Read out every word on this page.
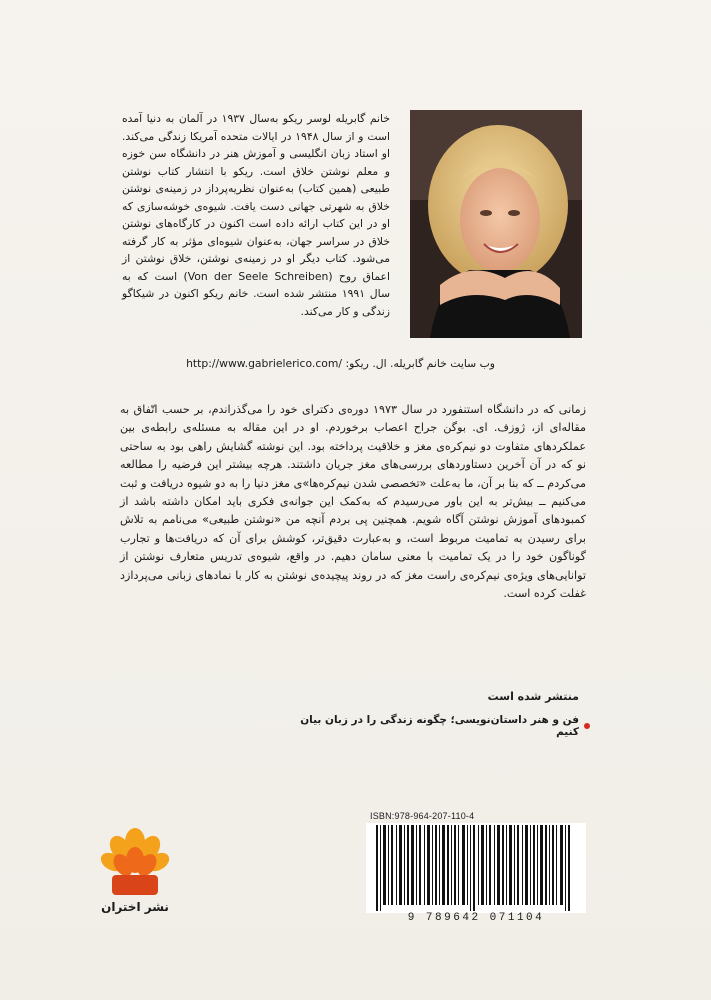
خانم گابریله لوسر ریکو به‌سال ۱۹۳۷ در آلمان به دنیا آمده است و از سال ۱۹۴۸ در ایالات متحده آمریکا زندگی می‌کند. او استاد زبان انگلیسی و آموزش هنر در دانشگاه سن خوزه و معلم نوشتن خلاق است. ریکو با انتشار کتاب نوشتن طبیعی (همین کتاب) به‌عنوان نظریه‌پرداز در زمینه‌ی نوشتن خلاق به شهرتی جهانی دست یافت. شیوه‌ی خوشه‌سازی که او در این کتاب ارائه داده است اکنون در کارگاه‌های نوشتن خلاق در سراسر جهان، به‌عنوان شیوه‌ای مؤثر به کار گرفته می‌شود. کتاب دیگر او در زمینه‌ی نوشتن، خلاق نوشتن از اعماق روح (Von der Seele Schreiben) است که به سال ۱۹۹۱ منتشر شده است. خانم ریکو اکنون در شیکاگو زندگی و کار می‌کند.
وب سایت خانم گابریله. ال. ریکو: http://www.gabrielerico.com/
زمانی که در دانشگاه استنفورد در سال ۱۹۷۳ دوره‌ی دکترای خود را می‌گذراندم، بر حسب اتّفاق به مقاله‌ای از، ژوزف. ای. بوگن جراح اعصاب برخوردم. او در این مقاله به مسئله‌ی رابطه‌ی بین عملکردهای متفاوت دو نیم‌کره‌ی مغز و خلاقیت پرداخته بود. این نوشته گشایش راهی بود به ساحتی نو که در آن آخرین دستاوردهای بررسی‌های مغز جریان داشتند. هرچه بیشتر این فرضیه را مطالعه می‌کردم ــ که بنا بر آن، ما به‌علت «تخصصی شدن نیم‌کره‌ها»ی مغز دنیا را به دو شیوه دریافت و ثبت می‌کنیم ــ بیش‌تر به این باور می‌رسیدم که به‌کمک این جوانه‌ی فکری باید امکان داشته باشد از کمبودهای آموزش نوشتن آگاه شویم. همچنین پی بردم آنچه من «نوشتن طبیعی» می‌نامم به تلاش برای رسیدن به تمامیت مربوط است، و به‌عبارت دقیق‌تر، کوشش برای آن که دریافت‌ها و تجارب گوناگون خود را در یک تمامیت با معنی سامان دهیم. در واقع، شیوه‌ی تدریس متعارف نوشتن از توانایی‌های ویژه‌ی نیم‌کره‌ی راست مغز که در روند پیچیده‌ی نوشتن به کار با نمادهای زبانی می‌پردازد غفلت کرده است.
منتشر شده است
فن و هنر داستان‌نویسی؛ چگونه زندگی را در زبان بیان کنیم
نشر اختران
ISBN:978-964-207-110-4
9 789642 071104
